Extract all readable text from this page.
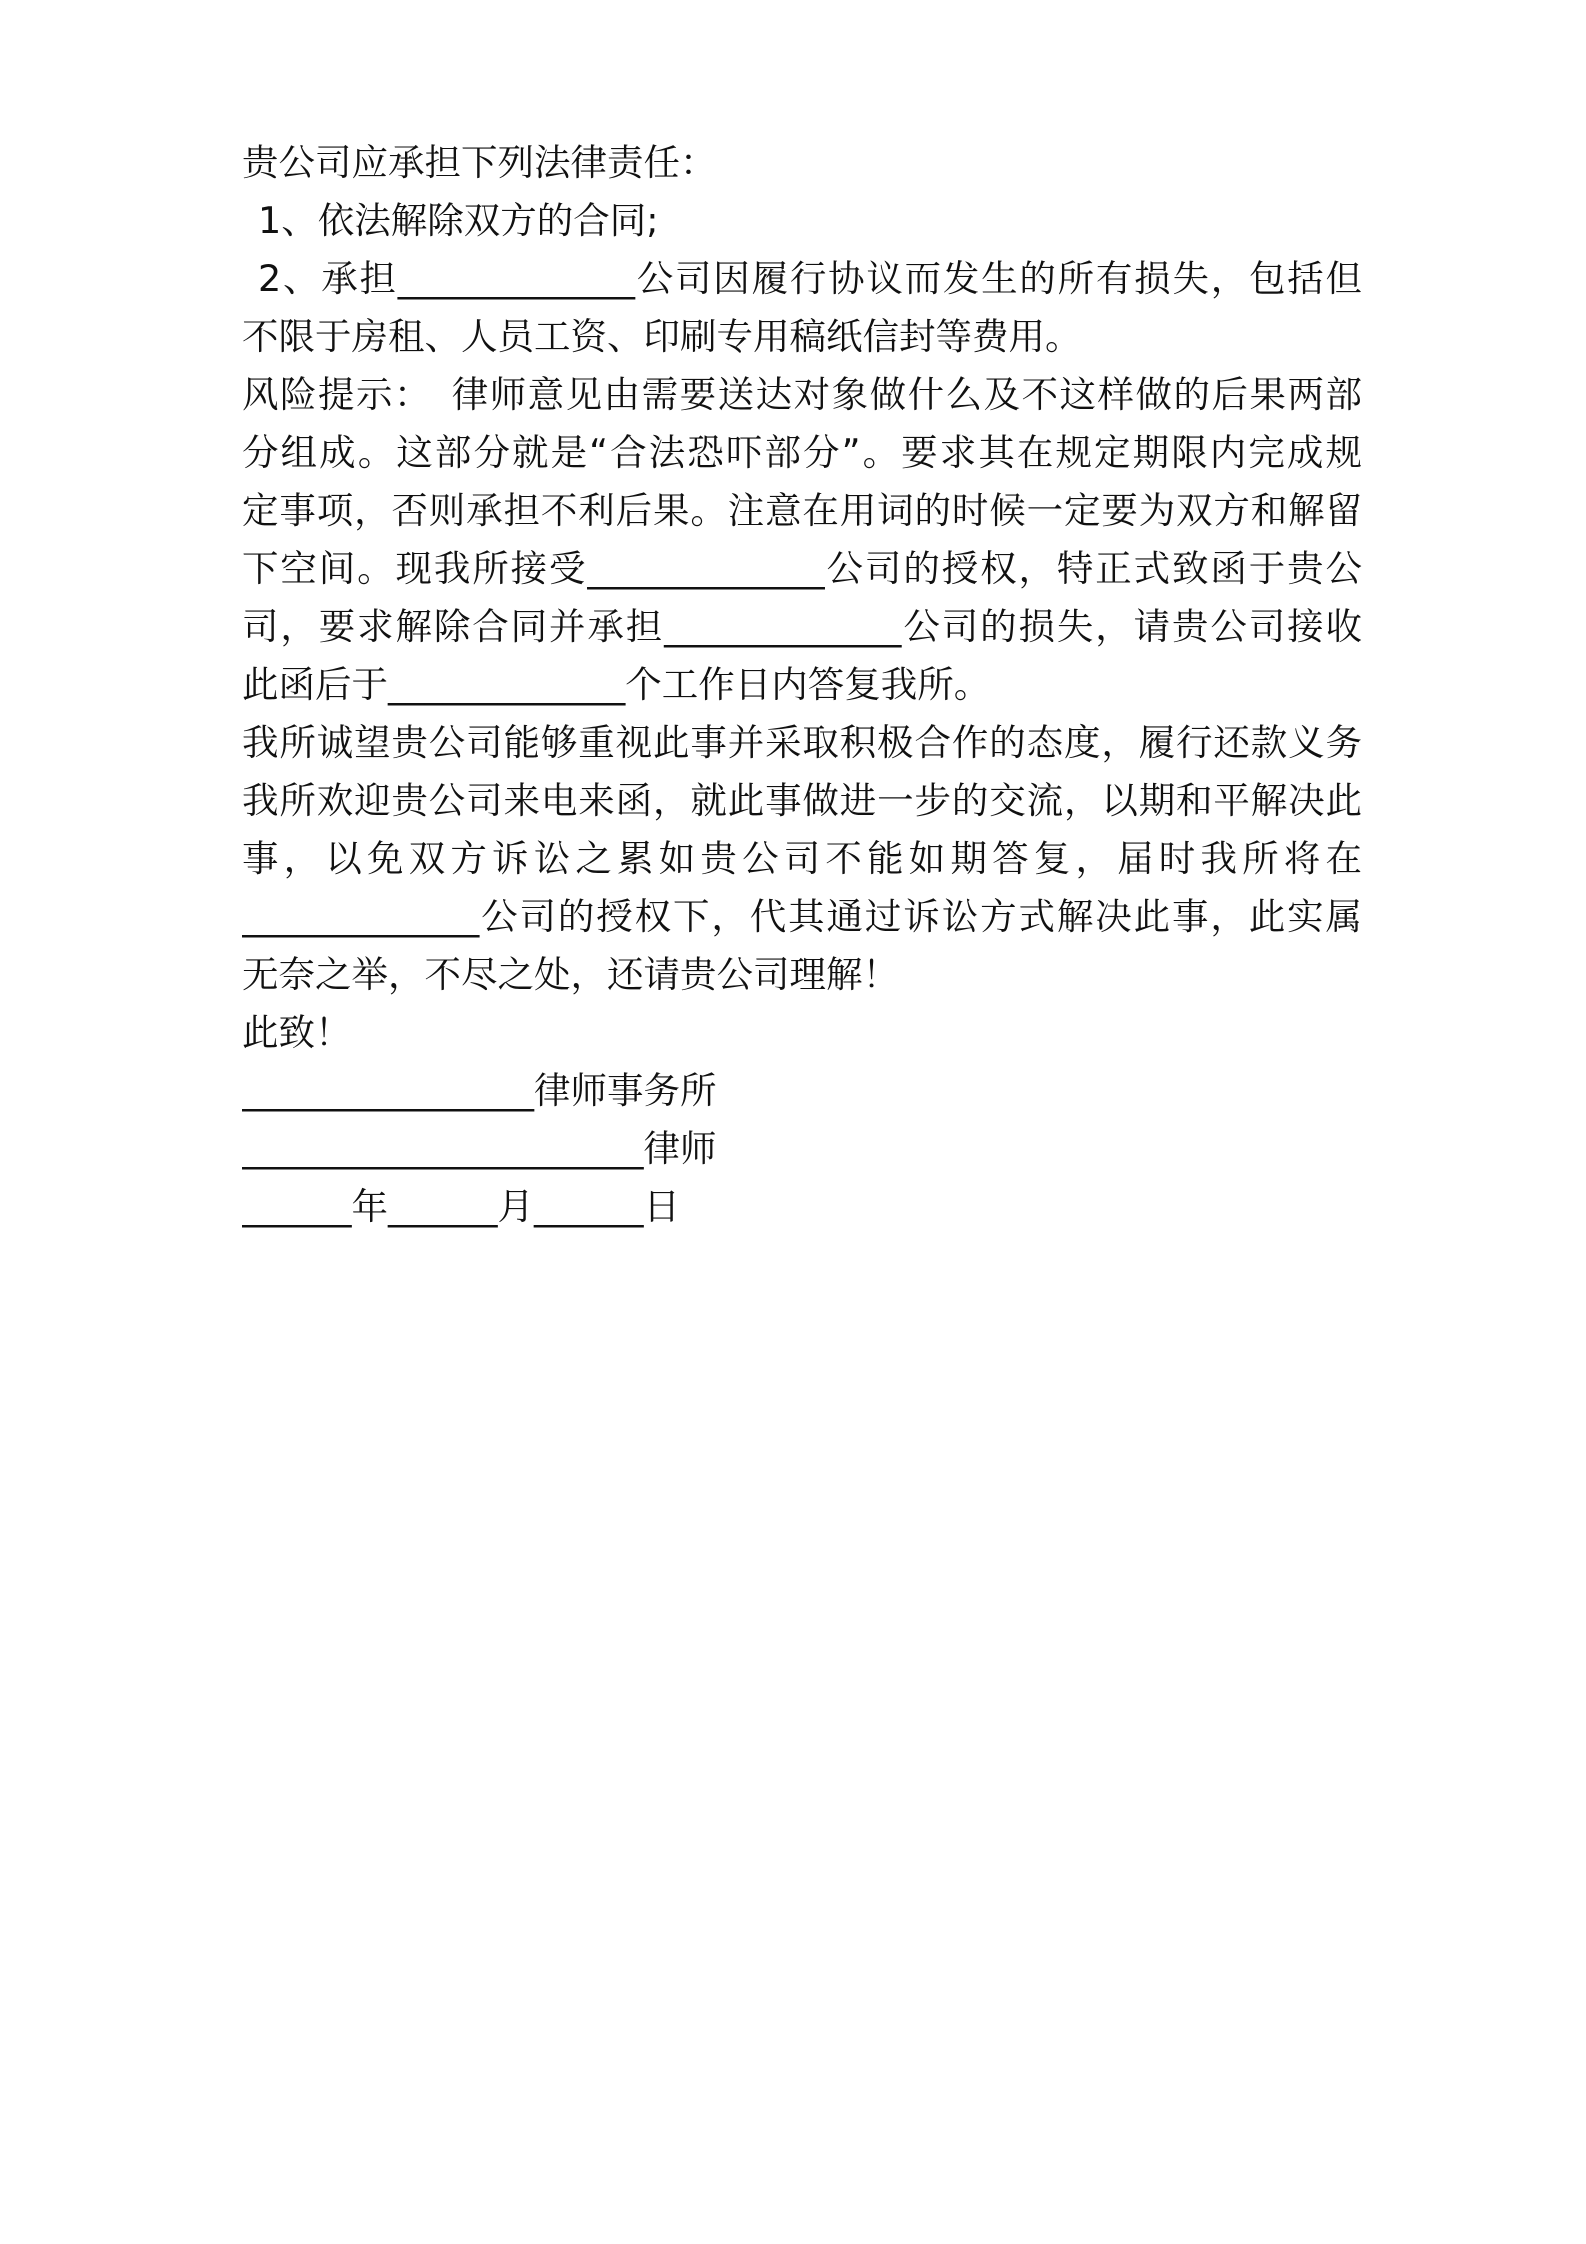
贵公司应承担下列法律责任：
1、依法解除双方的合同;
2、承担_____________公司因履行协议而发生的所有损失，包括但
不限于房租、人员工资、印刷专用稿纸信封等费用。
风险提示：　律师意见由需要送达对象做什么及不这样做的后果两部
分组成。这部分就是“合法恐吓部分”。要求其在规定期限内完成规
定事项，否则承担不利后果。注意在用词的时候一定要为双方和解留
下空间。现我所接受_____________公司的授权，特正式致函于贵公
司，要求解除合同并承担_____________公司的损失，请贵公司接收
此函后于_____________个工作日内答复我所。
我所诚望贵公司能够重视此事并采取积极合作的态度，履行还款义务
我所欢迎贵公司来电来函，就此事做进一步的交流，以期和平解决此
事，以免双方诉讼之累如贵公司不能如期答复，届时我所将在
_____________公司的授权下，代其通过诉讼方式解决此事，此实属
无奈之举，不尽之处，还请贵公司理解！
此致！
________________律师事务所
______________________律师
______年______月______日
